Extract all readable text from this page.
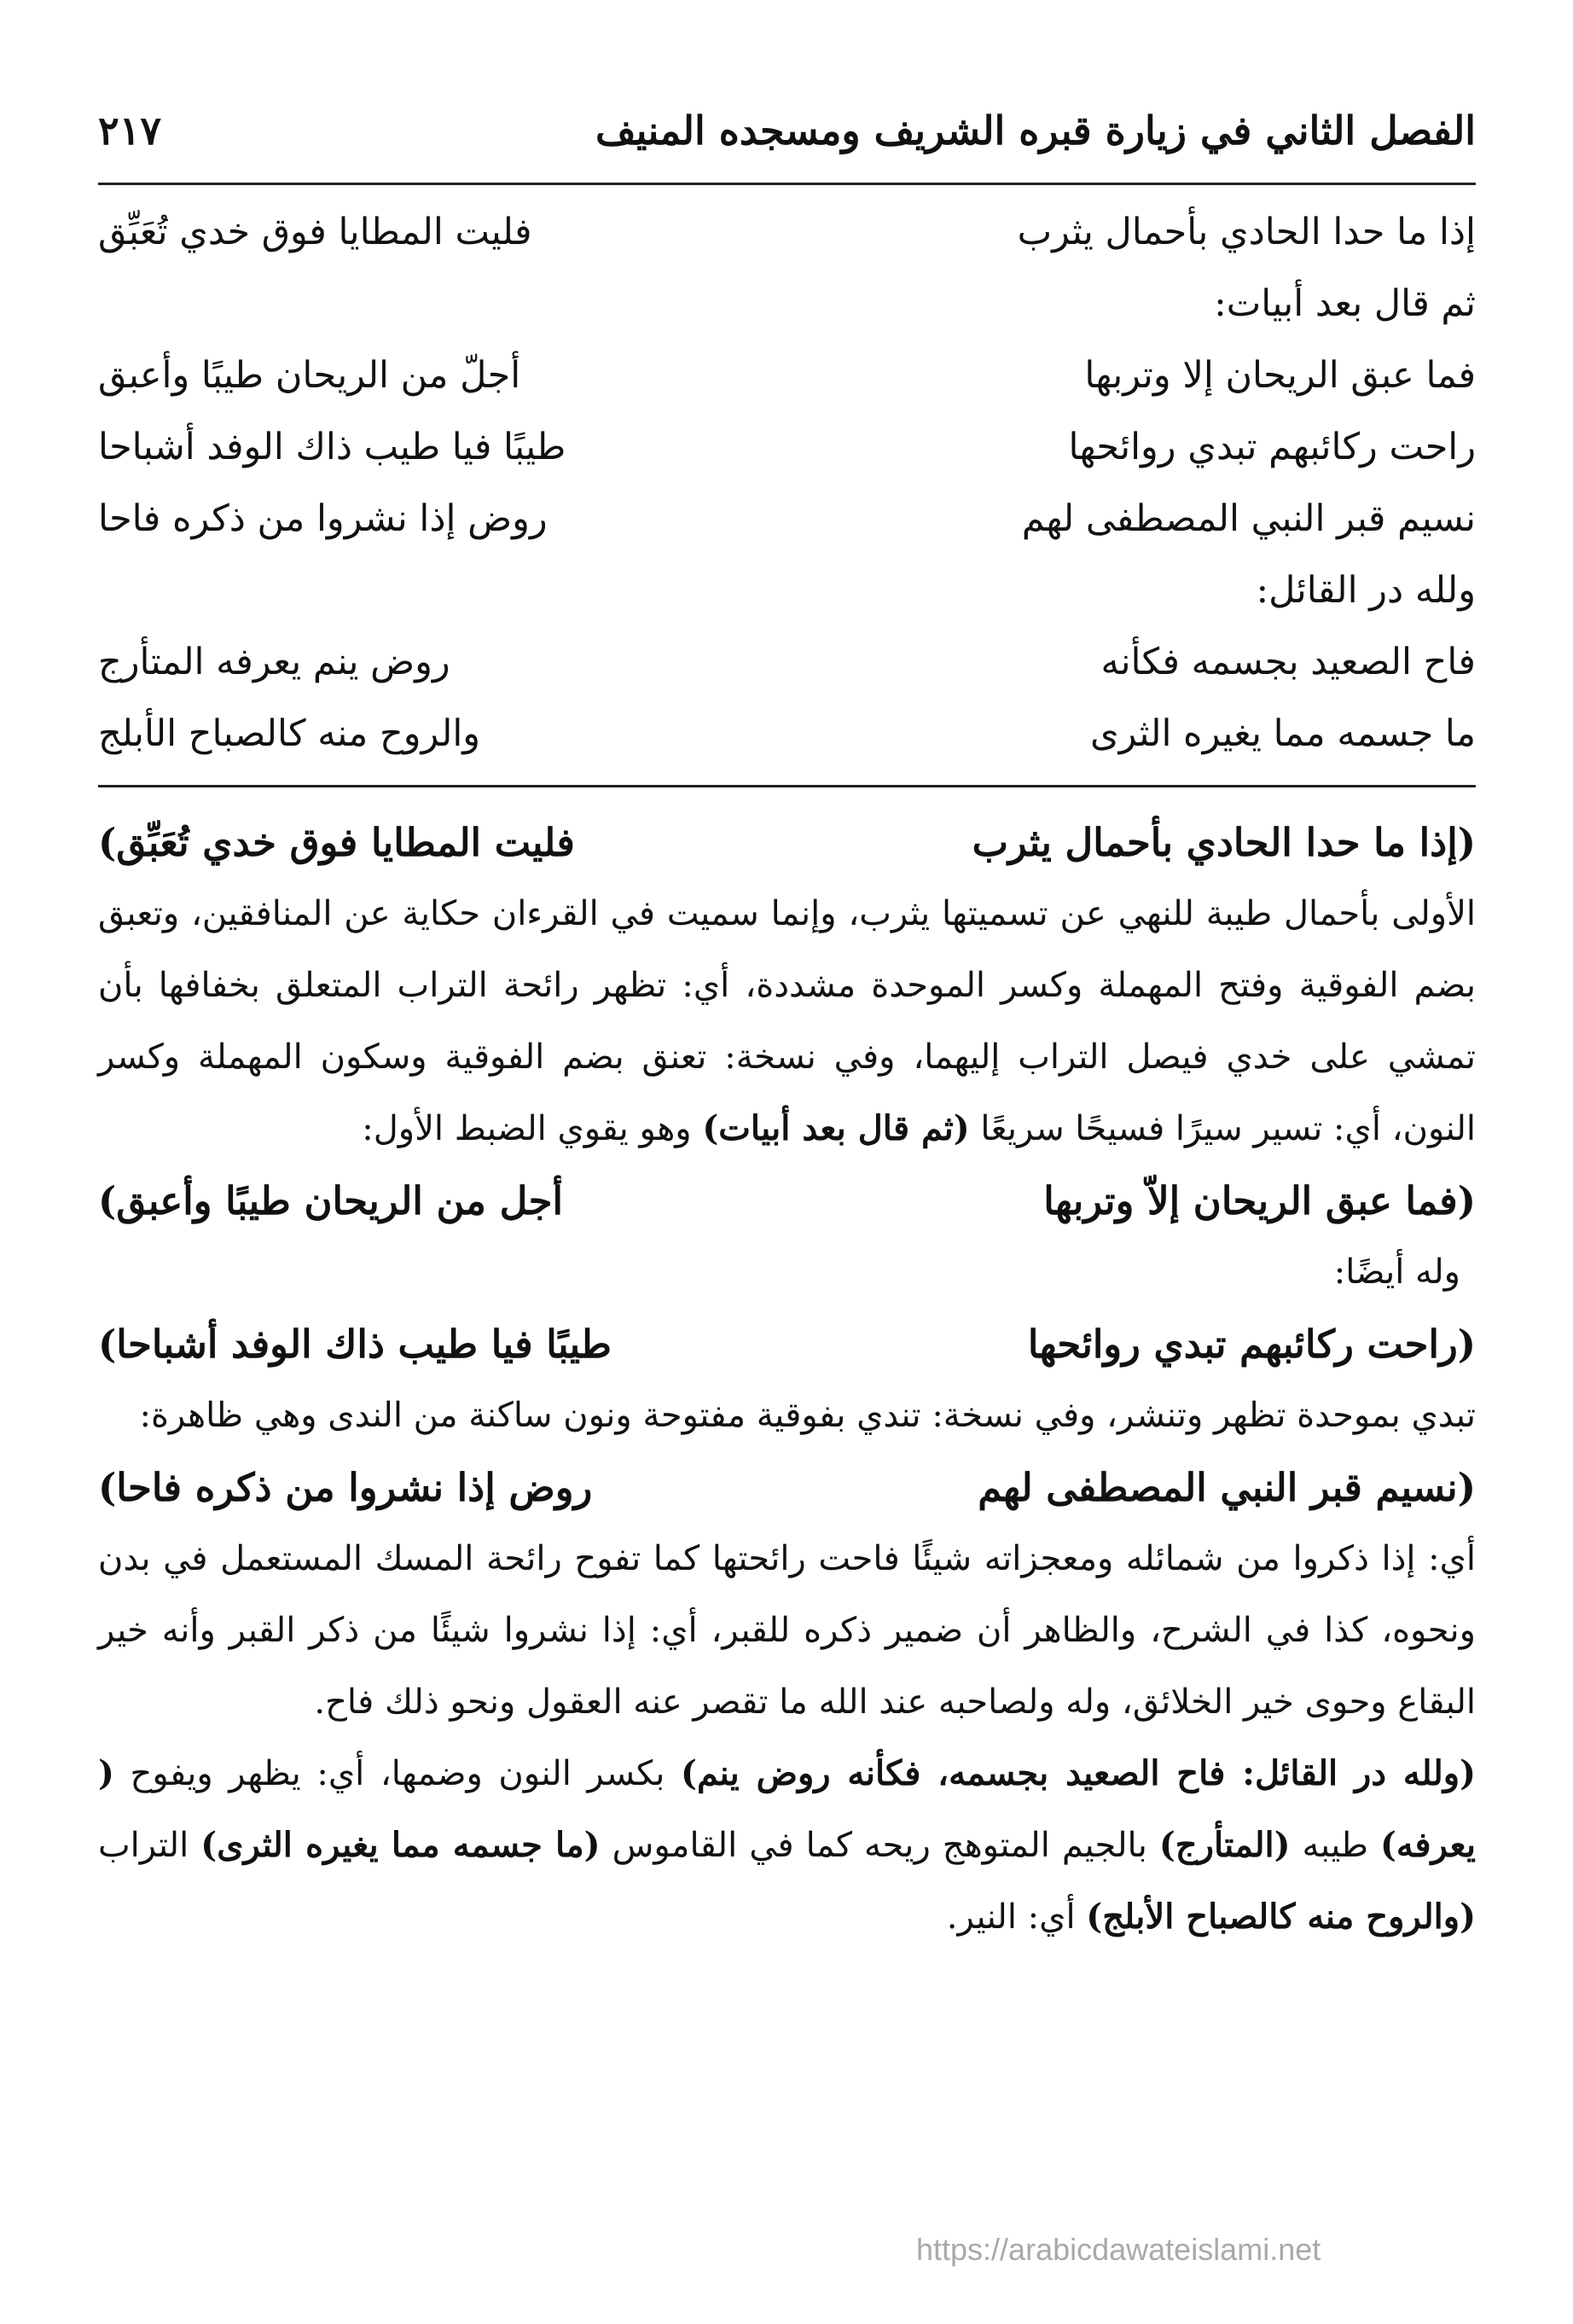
الفصل الثاني في زيارة قبره الشريف ومسجده المنيف
٢١٧
إذا ما حدا الحادي بأحمال يثرب
فليت المطايا فوق خدي تُعَبِّق
ثم قال بعد أبيات:
فما عبق الريحان إلا وتربها
أجلّ من الريحان طيبًا وأعبق
راحت ركائبهم تبدي روائحها
طيبًا فيا طيب ذاك الوفد أشباحا
نسيم قبر النبي المصطفى لهم
روض إذا نشروا من ذكره فاحا
ولله در القائل:
فاح الصعيد بجسمه فكأنه
روض ينم يعرفه المتأرج
ما جسمه مما يغيره الثرى
والروح منه كالصباح الأبلج
(إذا ما حدا الحادي بأحمال يثرب
فليت المطايا فوق خدي تُعَبِّق)

الأولى بأحمال طيبة للنهي عن تسميتها يثرب، وإنما سميت في القرءان حكاية عن المنافقين، وتعبق بضم الفوقية وفتح المهملة وكسر الموحدة مشددة، أي: تظهر رائحة التراب المتعلق بخفافها بأن تمشي على خدي فيصل التراب إليهما، وفي نسخة: تعنق بضم الفوقية وسكون المهملة وكسر النون، أي: تسير سيرًا فسيحًا سريعًا (ثم قال بعد أبيات) وهو يقوي الضبط الأول:

(فما عبق الريحان إلاّ وتربها
أجل من الريحان طيبًا وأعبق)
وله أيضًا:
(راحت ركائبهم تبدي روائحها
طيبًا فيا طيب ذاك الوفد أشباحا)

تبدي بموحدة تظهر وتنشر، وفي نسخة: تندي بفوقية مفتوحة ونون ساكنة من الندى وهي ظاهرة:

(نسيم قبر النبي المصطفى لهم
روض إذا نشروا من ذكره فاحا)

أي: إذا ذكروا من شمائله ومعجزاته شيئًا فاحت رائحتها كما تفوح رائحة المسك المستعمل في بدن ونحوه، كذا في الشرح، والظاهر أن ضمير ذكره للقبر، أي: إذا نشروا شيئًا من ذكر القبر وأنه خير البقاع وحوى خير الخلائق، وله ولصاحبه عند الله ما تقصر عنه العقول ونحو ذلك فاح.

(ولله در القائل: فاح الصعيد بجسمه، فكأنه روض ينم) بكسر النون وضمها، أي: يظهر ويفوح ( يعرفه) طيبه (المتأرج) بالجيم المتوهج ريحه كما في القاموس (ما جسمه مما يغيره الثرى) التراب (والروح منه كالصباح الأبلج) أي: النير.

https://arabicdawateislami.net
